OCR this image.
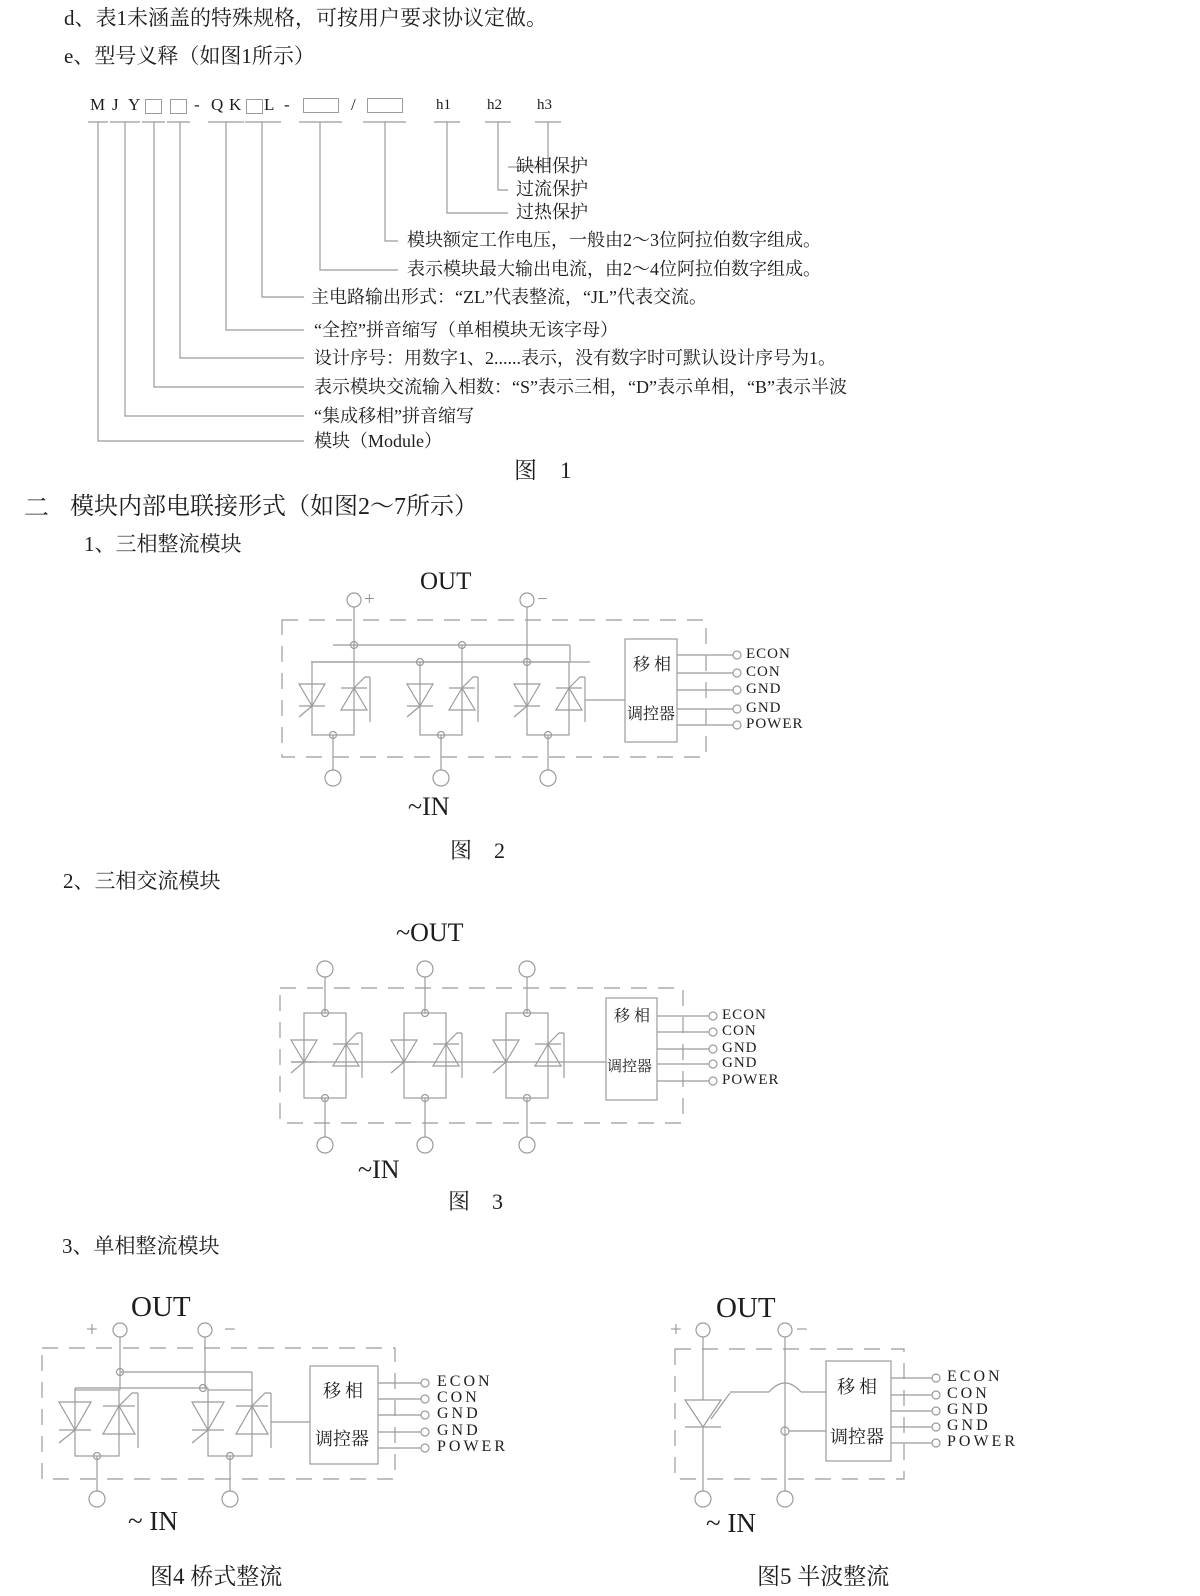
d、表1未涵盖的特殊规格，可按用户要求协议定做。
e、型号义释（如图1所示）
M J Y	- Q K L -	/	h1 h2 h3
缺相保护
过流保护
过热保护
模块额定工作电压，一般由2～3位阿拉伯数字组成。
表示模块最大输出电流，由2～4位阿拉伯数字组成。
主电路输出形式：“ZL”代表整流，“JL”代表交流。
“全控”拼音缩写（单相模块无该字母）
设计序号：用数字1、2......表示，没有数字时可默认设计序号为1。
表示模块交流输入相数：“S”表示三相，“D”表示单相，“B”表示半波
“集成移相”拼音缩写
模块（Module）
图　1
二 模块内部电联接形式（如图2～7所示）
1、三相整流模块
OUT
+	−
移相
调控器
ECON
CON
GND
GND
POWER
~IN
图　2
2、三相交流模块
~OUT
移相
调控器
ECON
CON
GND
GND
POWER
~IN
图　3
3、单相整流模块
OUT
+	−
移相
调控器
ECON
CON
GND
GND
POWER
~ IN
图4 桥式整流
OUT
+	−
移相
调控器
ECON
CON
GND
GND
POWER
~ IN
图5 半波整流
